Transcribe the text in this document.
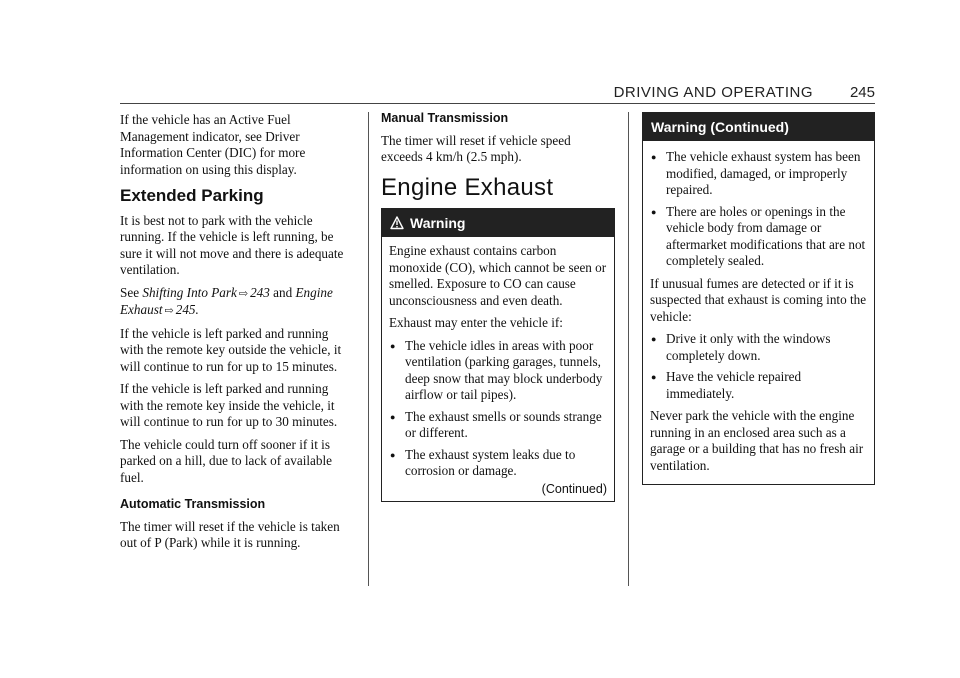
DRIVING AND OPERATING 245

If the vehicle has an Active Fuel Management indicator, see Driver Information Center (DIC) for more information on using this display.

Extended Parking

It is best not to park with the vehicle running. If the vehicle is left running, be sure it will not move and there is adequate ventilation.

See Shifting Into Park ⇨ 243 and Engine Exhaust ⇨ 245.

If the vehicle is left parked and running with the remote key outside the vehicle, it will continue to run for up to 15 minutes.

If the vehicle is left parked and running with the remote key inside the vehicle, it will continue to run for up to 30 minutes.

The vehicle could turn off sooner if it is parked on a hill, due to lack of available fuel.

Automatic Transmission

The timer will reset if the vehicle is taken out of P (Park) while it is running.

Manual Transmission

The timer will reset if vehicle speed exceeds 4 km/h (2.5 mph).

Engine Exhaust
Warning

Engine exhaust contains carbon monoxide (CO), which cannot be seen or smelled. Exposure to CO can cause unconsciousness and even death.

Exhaust may enter the vehicle if:

● The vehicle idles in areas with poor ventilation (parking garages, tunnels, deep snow that may block underbody airflow or tail pipes).
● The exhaust smells or sounds strange or different.
● The exhaust system leaks due to corrosion or damage.
(Continued)
Warning (Continued)
● The vehicle exhaust system has been modified, damaged, or improperly repaired.
● There are holes or openings in the vehicle body from damage or aftermarket modifications that are not completely sealed.

If unusual fumes are detected or if it is suspected that exhaust is coming into the vehicle:

● Drive it only with the windows completely down.
● Have the vehicle repaired immediately.

Never park the vehicle with the engine running in an enclosed area such as a garage or a building that has no fresh air ventilation.
